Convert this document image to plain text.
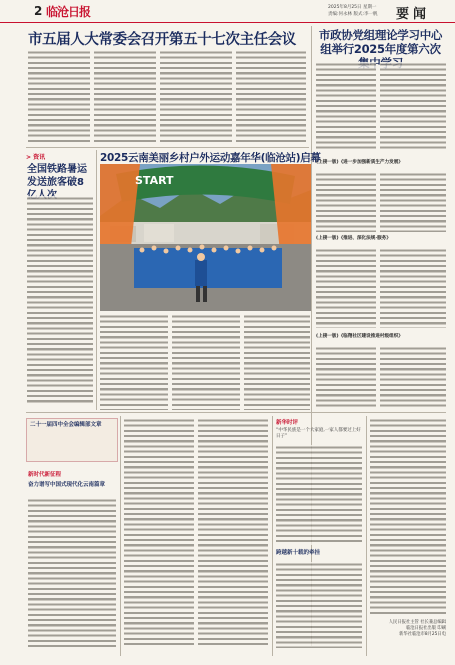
2 临沧日报	2025年8月25日 星期一
责编:何永林 版式:李一帆 要闻
市五届人大常委会召开第五十七次主任会议	市政协党组理论学习中心组举行2025年度第六次
> 资讯
全国铁路暑运发送旅客破8
2025云南美丽乡村户外运动嘉年华(临沧站)启幕
START
(上接一版)《进一步加强新质生产力发展》
(上接一版)《推进、深化法规·服务》
(上接一版)《临翔社区建设推进村级组织》
二十一届四中全会编辑部文章
新时代新征程
奋力谱写中国式现代化云南篇章
新华时评
“中华民族是一个大家庭,一家人都要过上好日子”
跨越新十载的牵挂
人民日报社主管 社长兼总编辑
临沧日报社出版 印刷
新华社临沧市8月25日电
